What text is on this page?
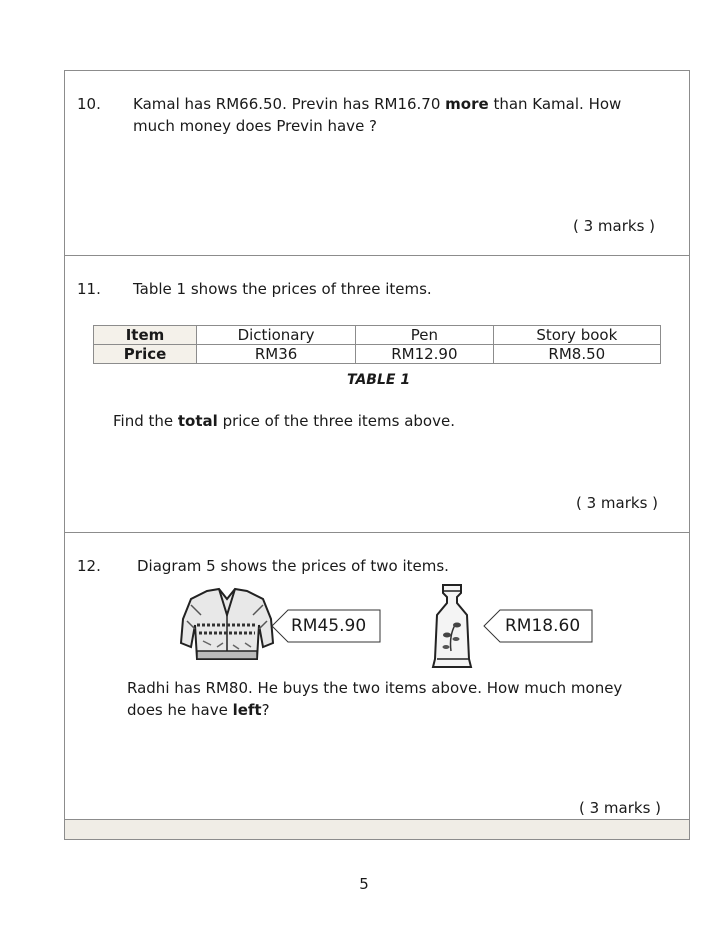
10. Kamal has RM66.50. Previn has RM16.70 more than Kamal. How
much money does Previn have ?
( 3 marks )
11. Table 1 shows the prices of three items.
Item	Dictionary	Pen	Story book
Price	RM36	RM12.90	RM8.50
TABLE 1
Find the total price of the three items above.
( 3 marks )
12. Diagram 5 shows the prices of two items.
RM45.90	RM18.60
Radhi has RM80. He buys the two items above. How much money
does he have left?
( 3 marks )
5
